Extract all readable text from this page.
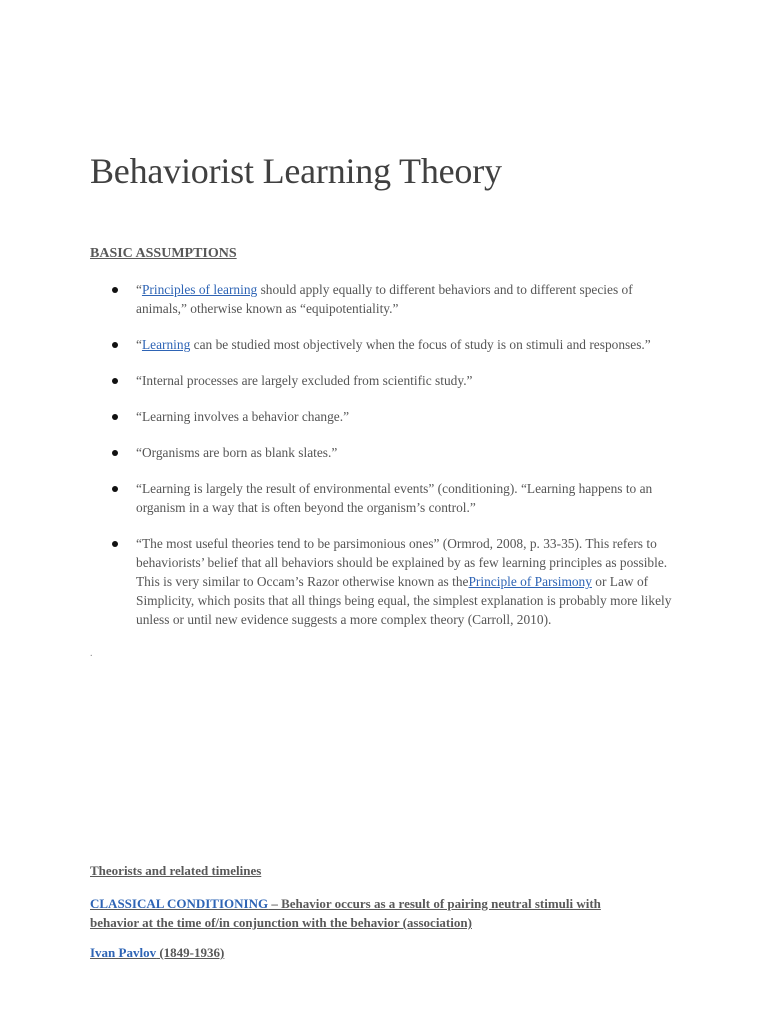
Behaviorist Learning Theory
BASIC ASSUMPTIONS
“Principles of learning should apply equally to different behaviors and to different species of animals,” otherwise known as “equipotentiality.”
“Learning can be studied most objectively when the focus of study is on stimuli and responses.”
“Internal processes are largely excluded from scientific study.”
“Learning involves a behavior change.”
“Organisms are born as blank slates.”
“Learning is largely the result of environmental events” (conditioning). “Learning happens to an organism in a way that is often beyond the organism’s control.”
“The most useful theories tend to be parsimonious ones” (Ormrod, 2008, p. 33-35). This refers to behaviorists’ belief that all behaviors should be explained by as few learning principles as possible. This is very similar to Occam’s Razor otherwise known as thePrinciple of Parsimony or Law of Simplicity, which posits that all things being equal, the simplest explanation is probably more likely unless or until new evidence suggests a more complex theory (Carroll, 2010).
.
Theorists and related timelines

CLASSICAL CONDITIONING – Behavior occurs as a result of pairing neutral stimuli with behavior at the time of/in conjunction with the behavior (association)

Ivan Pavlov (1849-1936)
